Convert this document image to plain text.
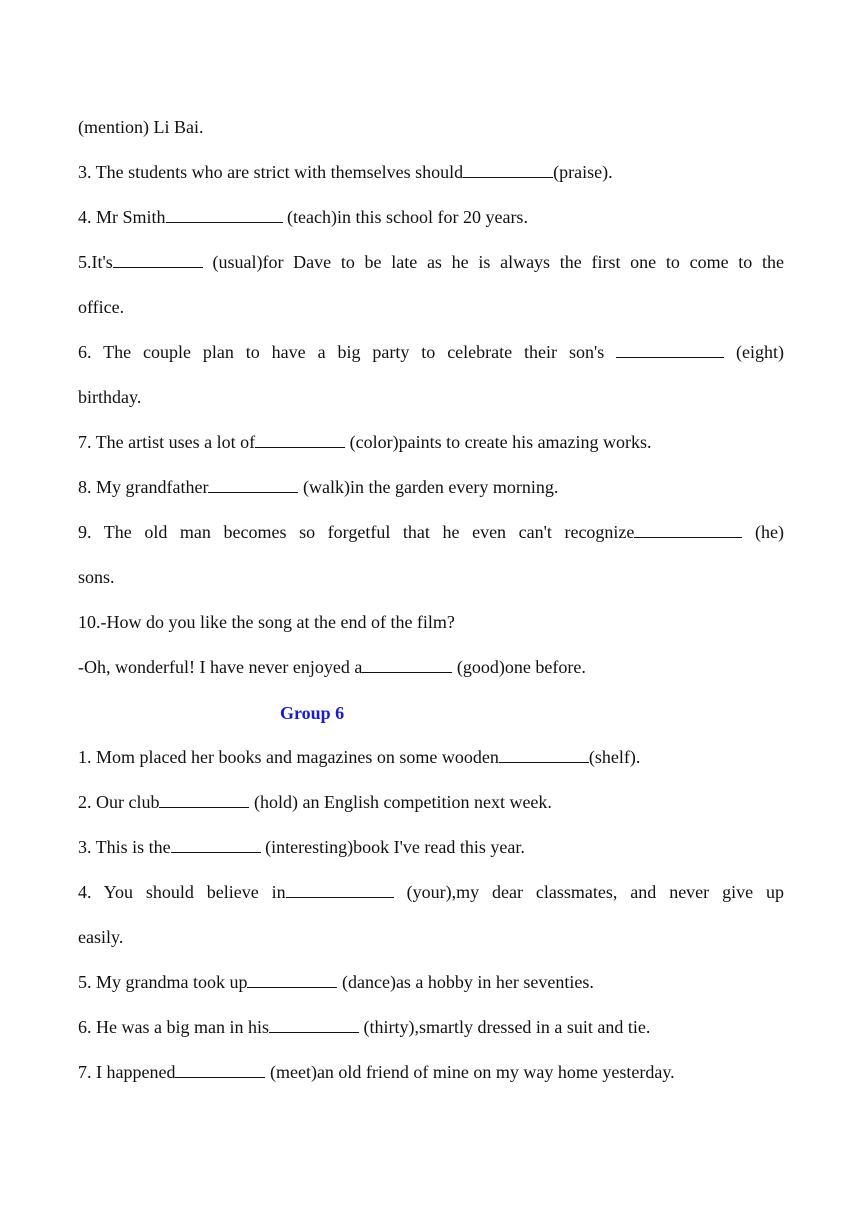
(mention) Li Bai.
3. The students who are strict with themselves should	(praise).
4. Mr Smith	(teach)in this school for 20 years.
5.It's	(usual)for Dave to be late as he is always the first one to come to the
office.
6. The couple plan to have a big party to celebrate their son's	(eight)
birthday.
7. The artist uses a lot of	(color)paints to create his amazing works.
8. My grandfather	(walk)in the garden every morning.
9. The old man becomes so forgetful that he even can't recognize	(he)
sons.
10.-How do you like the song at the end of the film?
-Oh, wonderful! I have never enjoyed a	(good)one before.
Group 6
1. Mom placed her books and magazines on some wooden	(shelf).
2. Our club	(hold) an English competition next week.
3. This is the	(interesting)book I've read this year.
4. You should believe in	(your),my dear classmates, and never give up
easily.
5. My grandma took up	(dance)as a hobby in her seventies.
6. He was a big man in his	(thirty),smartly dressed in a suit and tie.
7. I happened	(meet)an old friend of mine on my way home yesterday.
